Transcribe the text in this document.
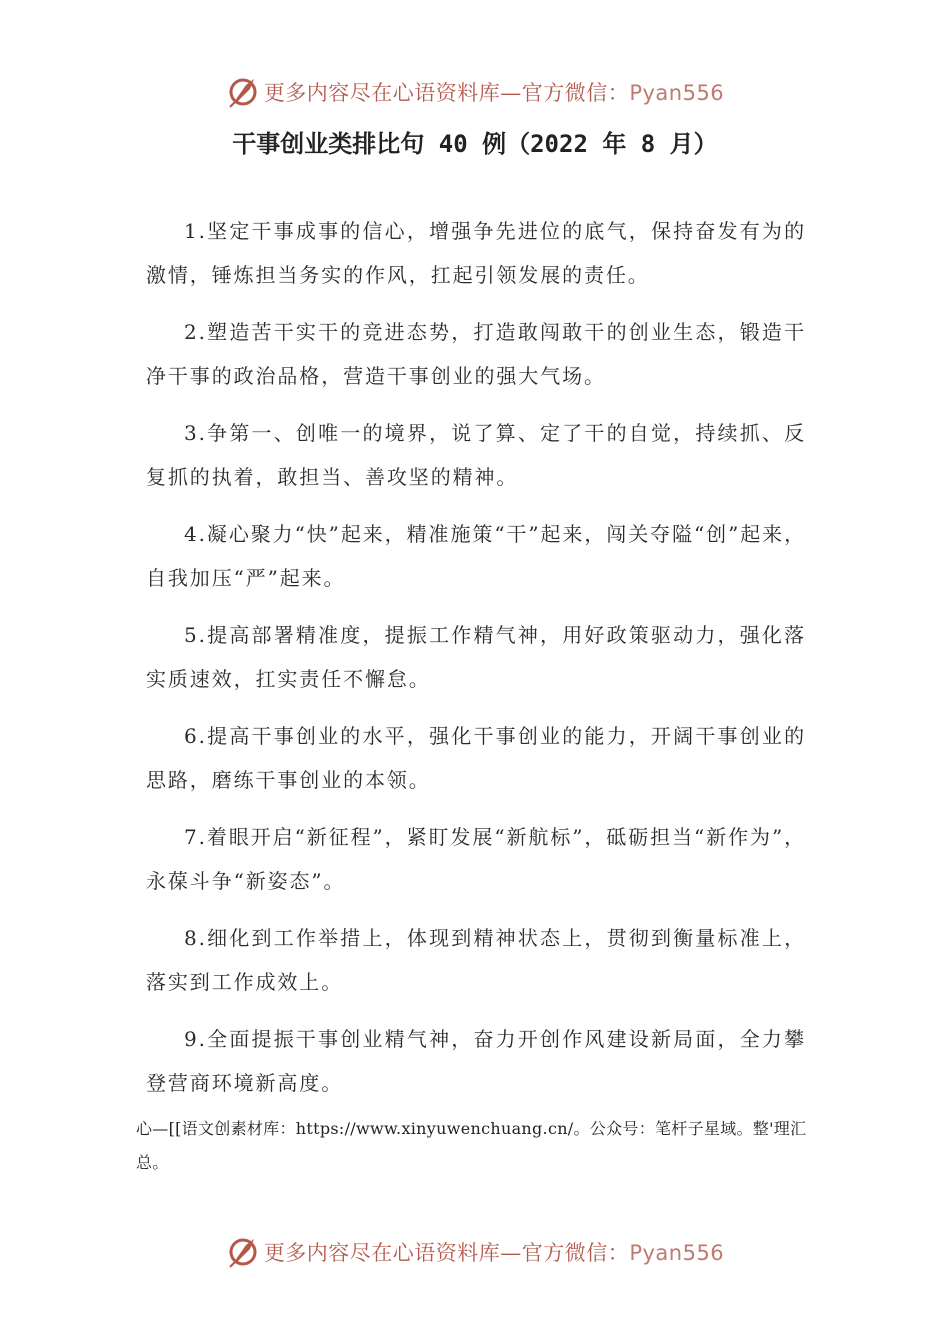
更多内容尽在心语资料库—官方微信：Pyan556
干事创业类排比句 40 例（2022 年 8 月）

1.坚定干事成事的信心，增强争先进位的底气，保持奋发有为的激情，锤炼担当务实的作风，扛起引领发展的责任。

2.塑造苦干实干的竞进态势，打造敢闯敢干的创业生态，锻造干净干事的政治品格，营造干事创业的强大气场。

3.争第一、创唯一的境界，说了算、定了干的自觉，持续抓、反复抓的执着，敢担当、善攻坚的精神。

4.凝心聚力“快”起来，精准施策“干”起来，闯关夺隘“创”起来，自我加压“严”起来。

5.提高部署精准度，提振工作精气神，用好政策驱动力，强化落实质速效，扛实责任不懈怠。

6.提高干事创业的水平，强化干事创业的能力，开阔干事创业的思路，磨练干事创业的本领。

7.着眼开启“新征程”，紧盯发展“新航标”，砥砺担当“新作为”，永葆斗争“新姿态”。

8.细化到工作举措上，体现到精神状态上，贯彻到衡量标准上，落实到工作成效上。

9.全面提振干事创业精气神，奋力开创作风建设新局面，全力攀登营商环境新高度。

心—[[语文创素材库：https://www.xinyuwenchuang.cn/。公众号：笔杆子星域。整'理汇总。

更多内容尽在心语资料库—官方微信：Pyan556
